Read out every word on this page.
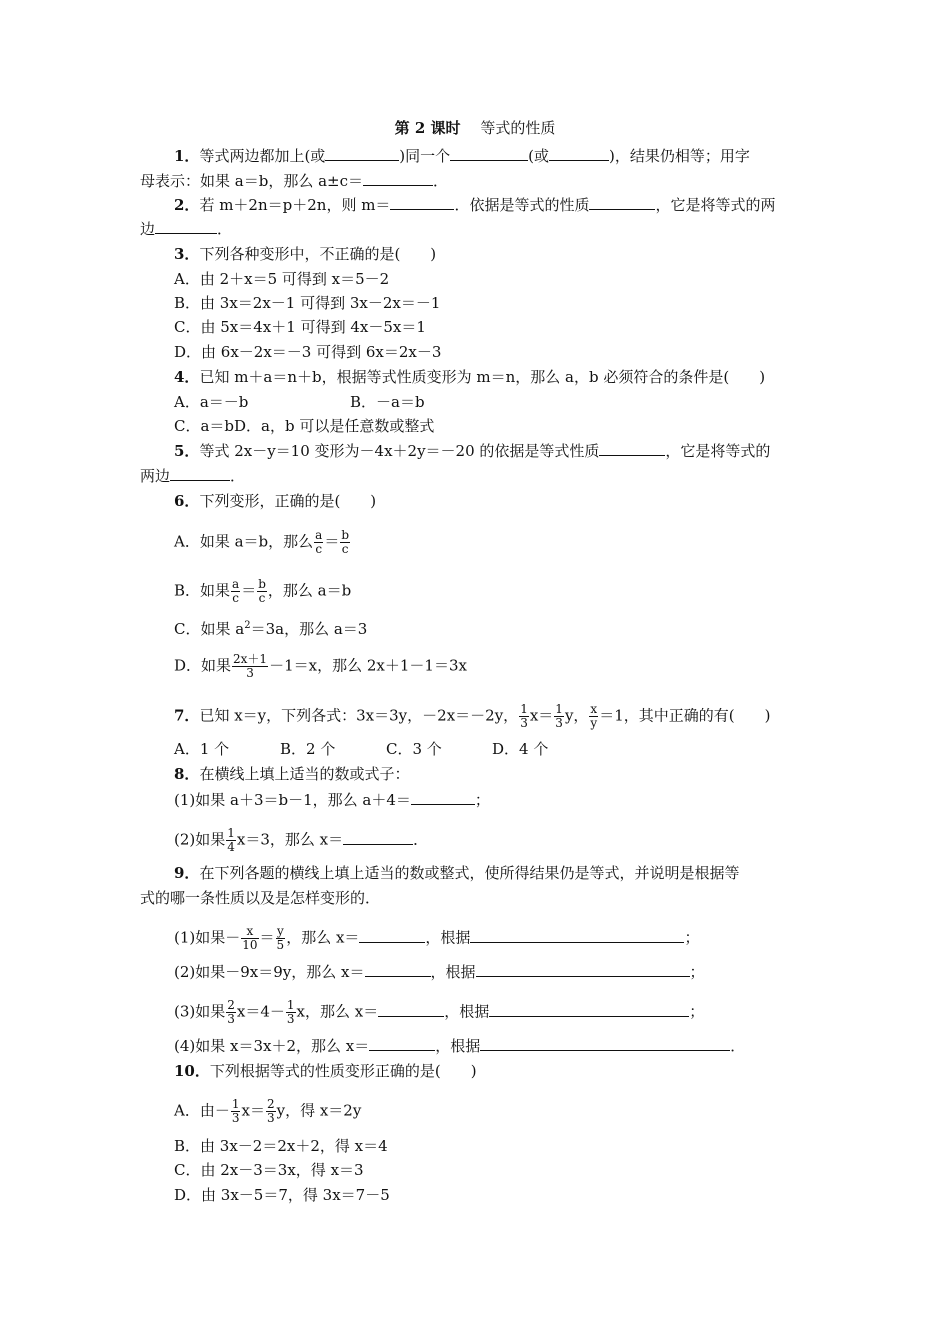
第 2 课时　 等式的性质
1．等式两边都加上(或	)同一个	(或	)，结果仍相等；用字
母表示：如果 a＝b，那么 a±c＝	．
2．若 m＋2n＝p＋2n，则 m＝	．依据是等式的性质	，它是将等式的两
边	．
3．下列各种变形中，不正确的是(　　)
A．由 2＋x＝5 可得到 x＝5－2
B．由 3x＝2x－1 可得到 3x－2x＝－1
C．由 5x＝4x＋1 可得到 4x－5x＝1
D．由 6x－2x＝－3 可得到 6x＝2x－3
4．已知 m＋a＝n＋b，根据等式性质变形为 m＝n，那么 a，b 必须符合的条件是(　　)
A．a＝－b	B．－a＝b
C．a＝bD．a，b 可以是任意数或整式
5．等式 2x－y＝10 变形为－4x＋2y＝－20 的依据是等式性质	，它是将等式的
两边	．
6．下列变形，正确的是(　　)
A．如果 a＝b，那么 $\frac{a}{c} = \frac{b}{c}$
B．如果 $\frac{a}{c} = \frac{b}{c}$ ，那么 a＝b
C．如果 $a^2=3a$，那么 a＝3
D．如果 $\frac{2x+1}{3} -1=x$，那么 2x＋1－1＝3x
7．已知 x＝y，下列各式：3x＝3y，－2x＝－2y， $\frac{1}{3} x= \frac{1}{3}$ y， $\frac{x}{y} =1$，其中正确的有(　　)
A．1 个	B．2 个	C．3 个	D．4 个
8．在横线上填上适当的数或式子：
(1)如果 a＋3＝b－1，那么 a＋4＝	；
(2)如果 $\frac{1}{4} x=3$，那么 x＝	．
9．在下列各题的横线上填上适当的数或整式，使所得结果仍是等式，并说明是根据等
式的哪一条性质以及是怎样变形的．
(1)如果－ $\frac{x}{10} = \frac{y}{5}$ ，那么 x＝	，根据	；
(2)如果－9x＝9y，那么 x＝	，根据	；
(3)如果 $\frac{2}{3} x=4- \frac{1}{3}$ x，那么 x＝	，根据	；
(4)如果 x＝3x＋2，那么 x＝	，根据	．
10．下列根据等式的性质变形正确的是(　　)
A．由－ $\frac{1}{3} x= \frac{2}{3}$ y，得 x＝2y
B．由 3x－2＝2x＋2，得 x＝4
C．由 2x－3＝3x，得 x＝3
D．由 3x－5＝7，得 3x＝7－5
